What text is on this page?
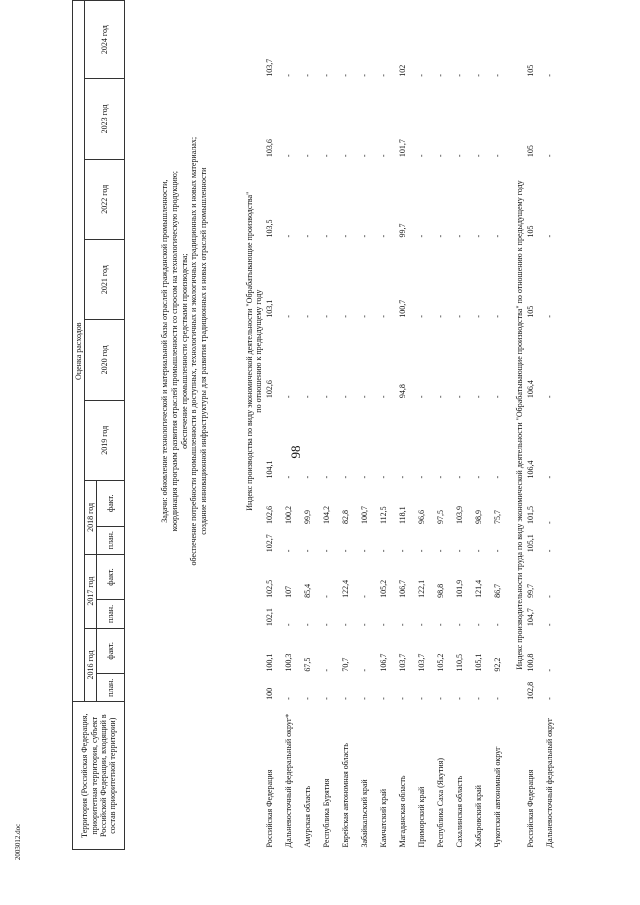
98
2003012.doc
Территория (Российская Федерация, приоритетная территория, субъект Российской Федерации, входящий в состав приоритетной территории)	Оценка расходов											
	2016 год		2017 год		2018 год		2019 год	2020 год	2021 год	2022 год	2023 год	2024 год
	план.	факт.	план.	факт.	план.	факт.						

	Задачи: обновление технологической и материальной базы отраслей гражданской промышленности, координация программ развития отраслей промышленности со спросом на технологическую продукцию; обеспечение промышленности средствами производства; обеспечение потребности промышленности в доступных, технологичных и экологичных традиционных и новых материалах; создание инновационной инфраструктуры для развития традиционных и новых отраслей промышленности											

	Индекс производства по виду экономической деятельности "Обрабатывающие производства" по отношению к предыдущему году											

Российская Федерация	100	100,1	102,1	102,5	102,7	102,6	104,1	102,6	103,1	103,5	103,6	103,7
Дальневосточный федеральный округ*	-	100,3	-	107	-	100,2	-	-	-	-	-	-
Амурская область	-	67,5	-	85,4	-	99,9	-	-	-	-	-	-
Республика Бурятия	-	-	-	-	-	104,2	-	-	-	-	-	-
Еврейская автономная область	-	70,7	-	122,4	-	82,8	-	-	-	-	-	-
Забайкальский край	-	-	-	-	-	100,7	-	-	-	-	-	-
Камчатский край	-	106,7	-	105,2	-	112,5	-	-	-	-	-	-
Магаданская область	-	103,7	-	106,7	-	118,1	-	94,8	100,7	99,7	101,7	102
Приморский край	-	103,7	-	122,1	-	96,6	-	-	-	-	-	-
Республика Саха (Якутия)	-	105,2	-	98,8	-	97,5	-	-	-	-	-	-
Сахалинская область	-	110,5	-	101,9	-	103,9	-	-	-	-	-	-
Хабаровский край	-	105,1	-	121,4	-	98,9	-	-	-	-	-	-
Чукотский автономный округ	-	92,2	-	86,7	-	75,7	-	-	-	-	-	-
Индекс производительности труда по виду экономической деятельности "Обрабатывающие производства" по отношению к предыдущему году												
Российская Федерация	102,8	100,8	104,7	99,7	105,1	101,5	106,4	106,4	105	105	105	105
Дальневосточный федеральный округ	-	-	-	-	-	-	-	-	-	-	-	-
